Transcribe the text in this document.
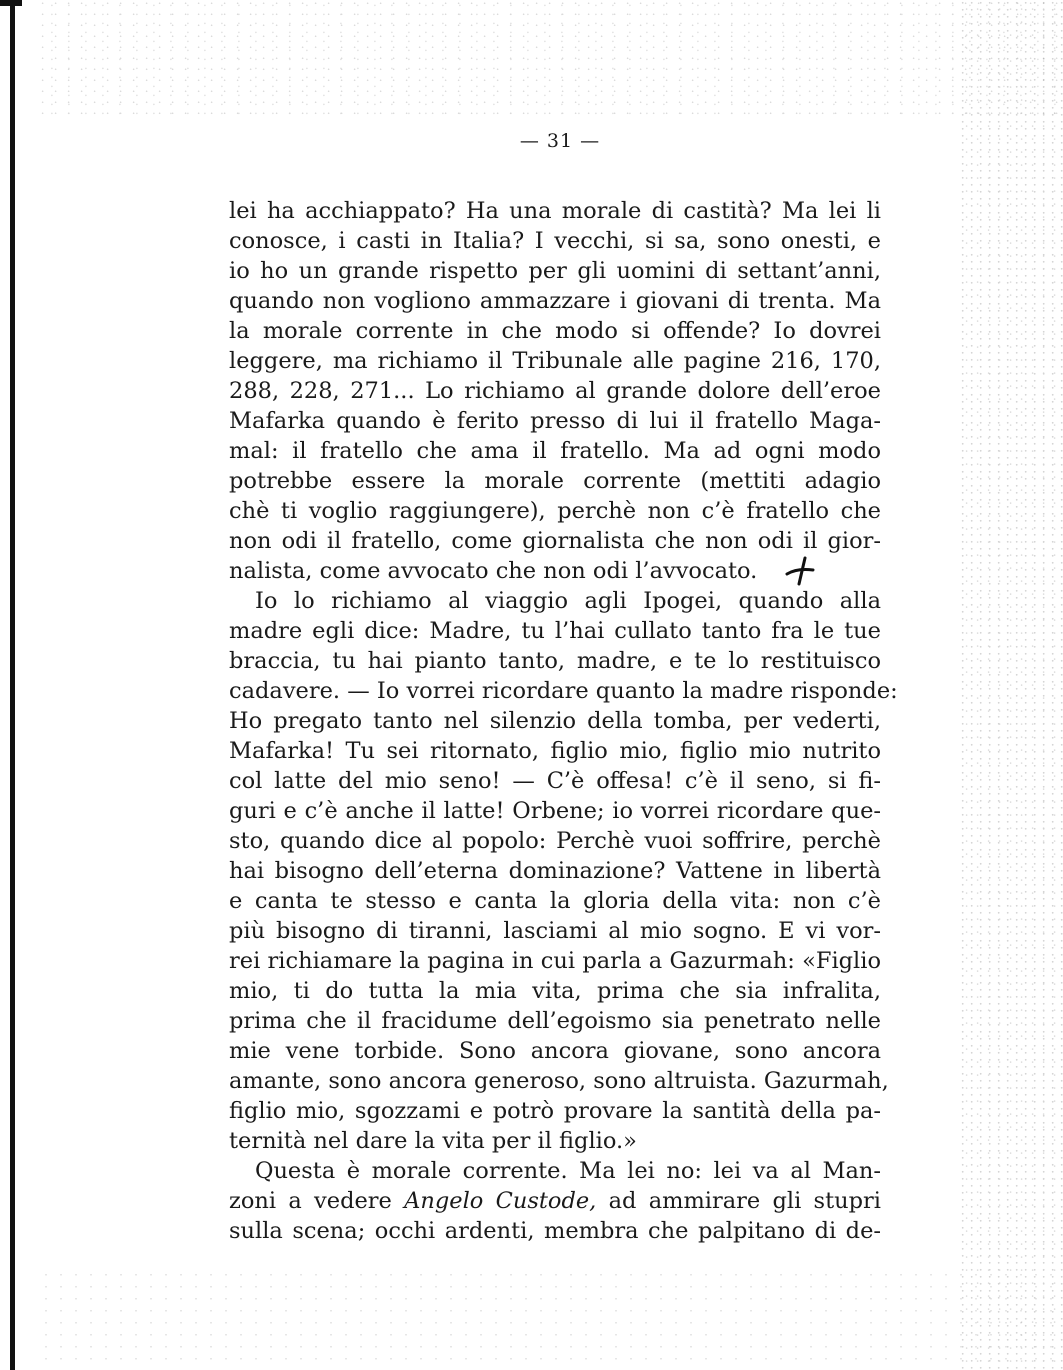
— 31 —
lei ha acchiappato? Ha una morale di castità? Ma lei li
conosce, i casti in Italia? I vecchi, si sa, sono onesti, e
io ho un grande rispetto per gli uomini di settant’anni,
quando non vogliono ammazzare i giovani di trenta. Ma
la morale corrente in che modo si offende? Io dovrei
leggere, ma richiamo il Tribunale alle pagine 216, 170,
288, 228, 271... Lo richiamo al grande dolore dell’eroe
Mafarka quando è ferito presso di lui il fratello Maga-
mal: il fratello che ama il fratello. Ma ad ogni modo
potrebbe essere la morale corrente (mettiti adagio
chè ti voglio raggiungere), perchè non c’è fratello che
non odi il fratello, come giornalista che non odi il gior-
nalista, come avvocato che non odi l’avvocato.
Io lo richiamo al viaggio agli Ipogei, quando alla
madre egli dice: Madre, tu l’hai cullato tanto fra le tue
braccia, tu hai pianto tanto, madre, e te lo restituisco
cadavere. — Io vorrei ricordare quanto la madre risponde:
Ho pregato tanto nel silenzio della tomba, per vederti,
Mafarka! Tu sei ritornato, figlio mio, figlio mio nutrito
col latte del mio seno! — C’è offesa! c’è il seno, si fi-
guri e c’è anche il latte! Orbene; io vorrei ricordare que-
sto, quando dice al popolo: Perchè vuoi soffrire, perchè
hai bisogno dell’eterna dominazione? Vattene in libertà
e canta te stesso e canta la gloria della vita: non c’è
più bisogno di tiranni, lasciami al mio sogno. E vi vor-
rei richiamare la pagina in cui parla a Gazurmah: «Figlio
mio, ti do tutta la mia vita, prima che sia infralita,
prima che il fracidume dell’egoismo sia penetrato nelle
mie vene torbide. Sono ancora giovane, sono ancora
amante, sono ancora generoso, sono altruista. Gazurmah,
figlio mio, sgozzami e potrò provare la santità della pa-
ternità nel dare la vita per il figlio.»
Questa è morale corrente. Ma lei no: lei va al Man-
zoni a vedere Angelo Custode, ad ammirare gli stupri
sulla scena; occhi ardenti, membra che palpitano di de-
